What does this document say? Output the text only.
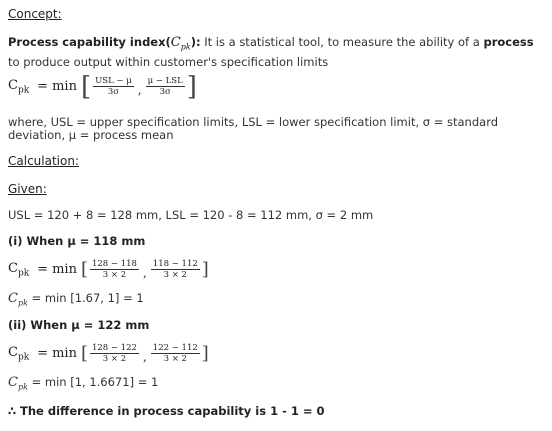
Concept:
Process capability $index(C_{pk})$: It is a statistical tool, to measure the ability of a process to produce output within customer's specification limits
$C_{pk} = \min$ [ $\frac{\text{USL − μ}}{3\sigma}$ , $\frac{\text{μ − LSL}}{3\sigma}$ ]
where, USL = upper specification limits, LSL = lower specification limit, σ = standard deviation, μ = process mean
Calculation:
Given:
USL = 120 + 8 = 128 mm, LSL = 120 - 8 = 112 mm, σ = 2 mm
(i) When μ = 118 mm
$C_{pk} = \min$ [ $\frac{128 - 118}{3 \times 2}$ , $\frac{118 - 112}{3 \times 2}$ ]
$C_{pk} = \min [1.67$, 1] = 1
(ii) When μ = 122 mm
$C_{pk} = \min$ [ $\frac{128 - 122}{3 \times 2}$ , $\frac{122 - 112}{3 \times 2}$ ]
$C_{pk} = \min [1$, 1.6671] = 1
∴ The difference in process capability is 1 - 1 = 0
